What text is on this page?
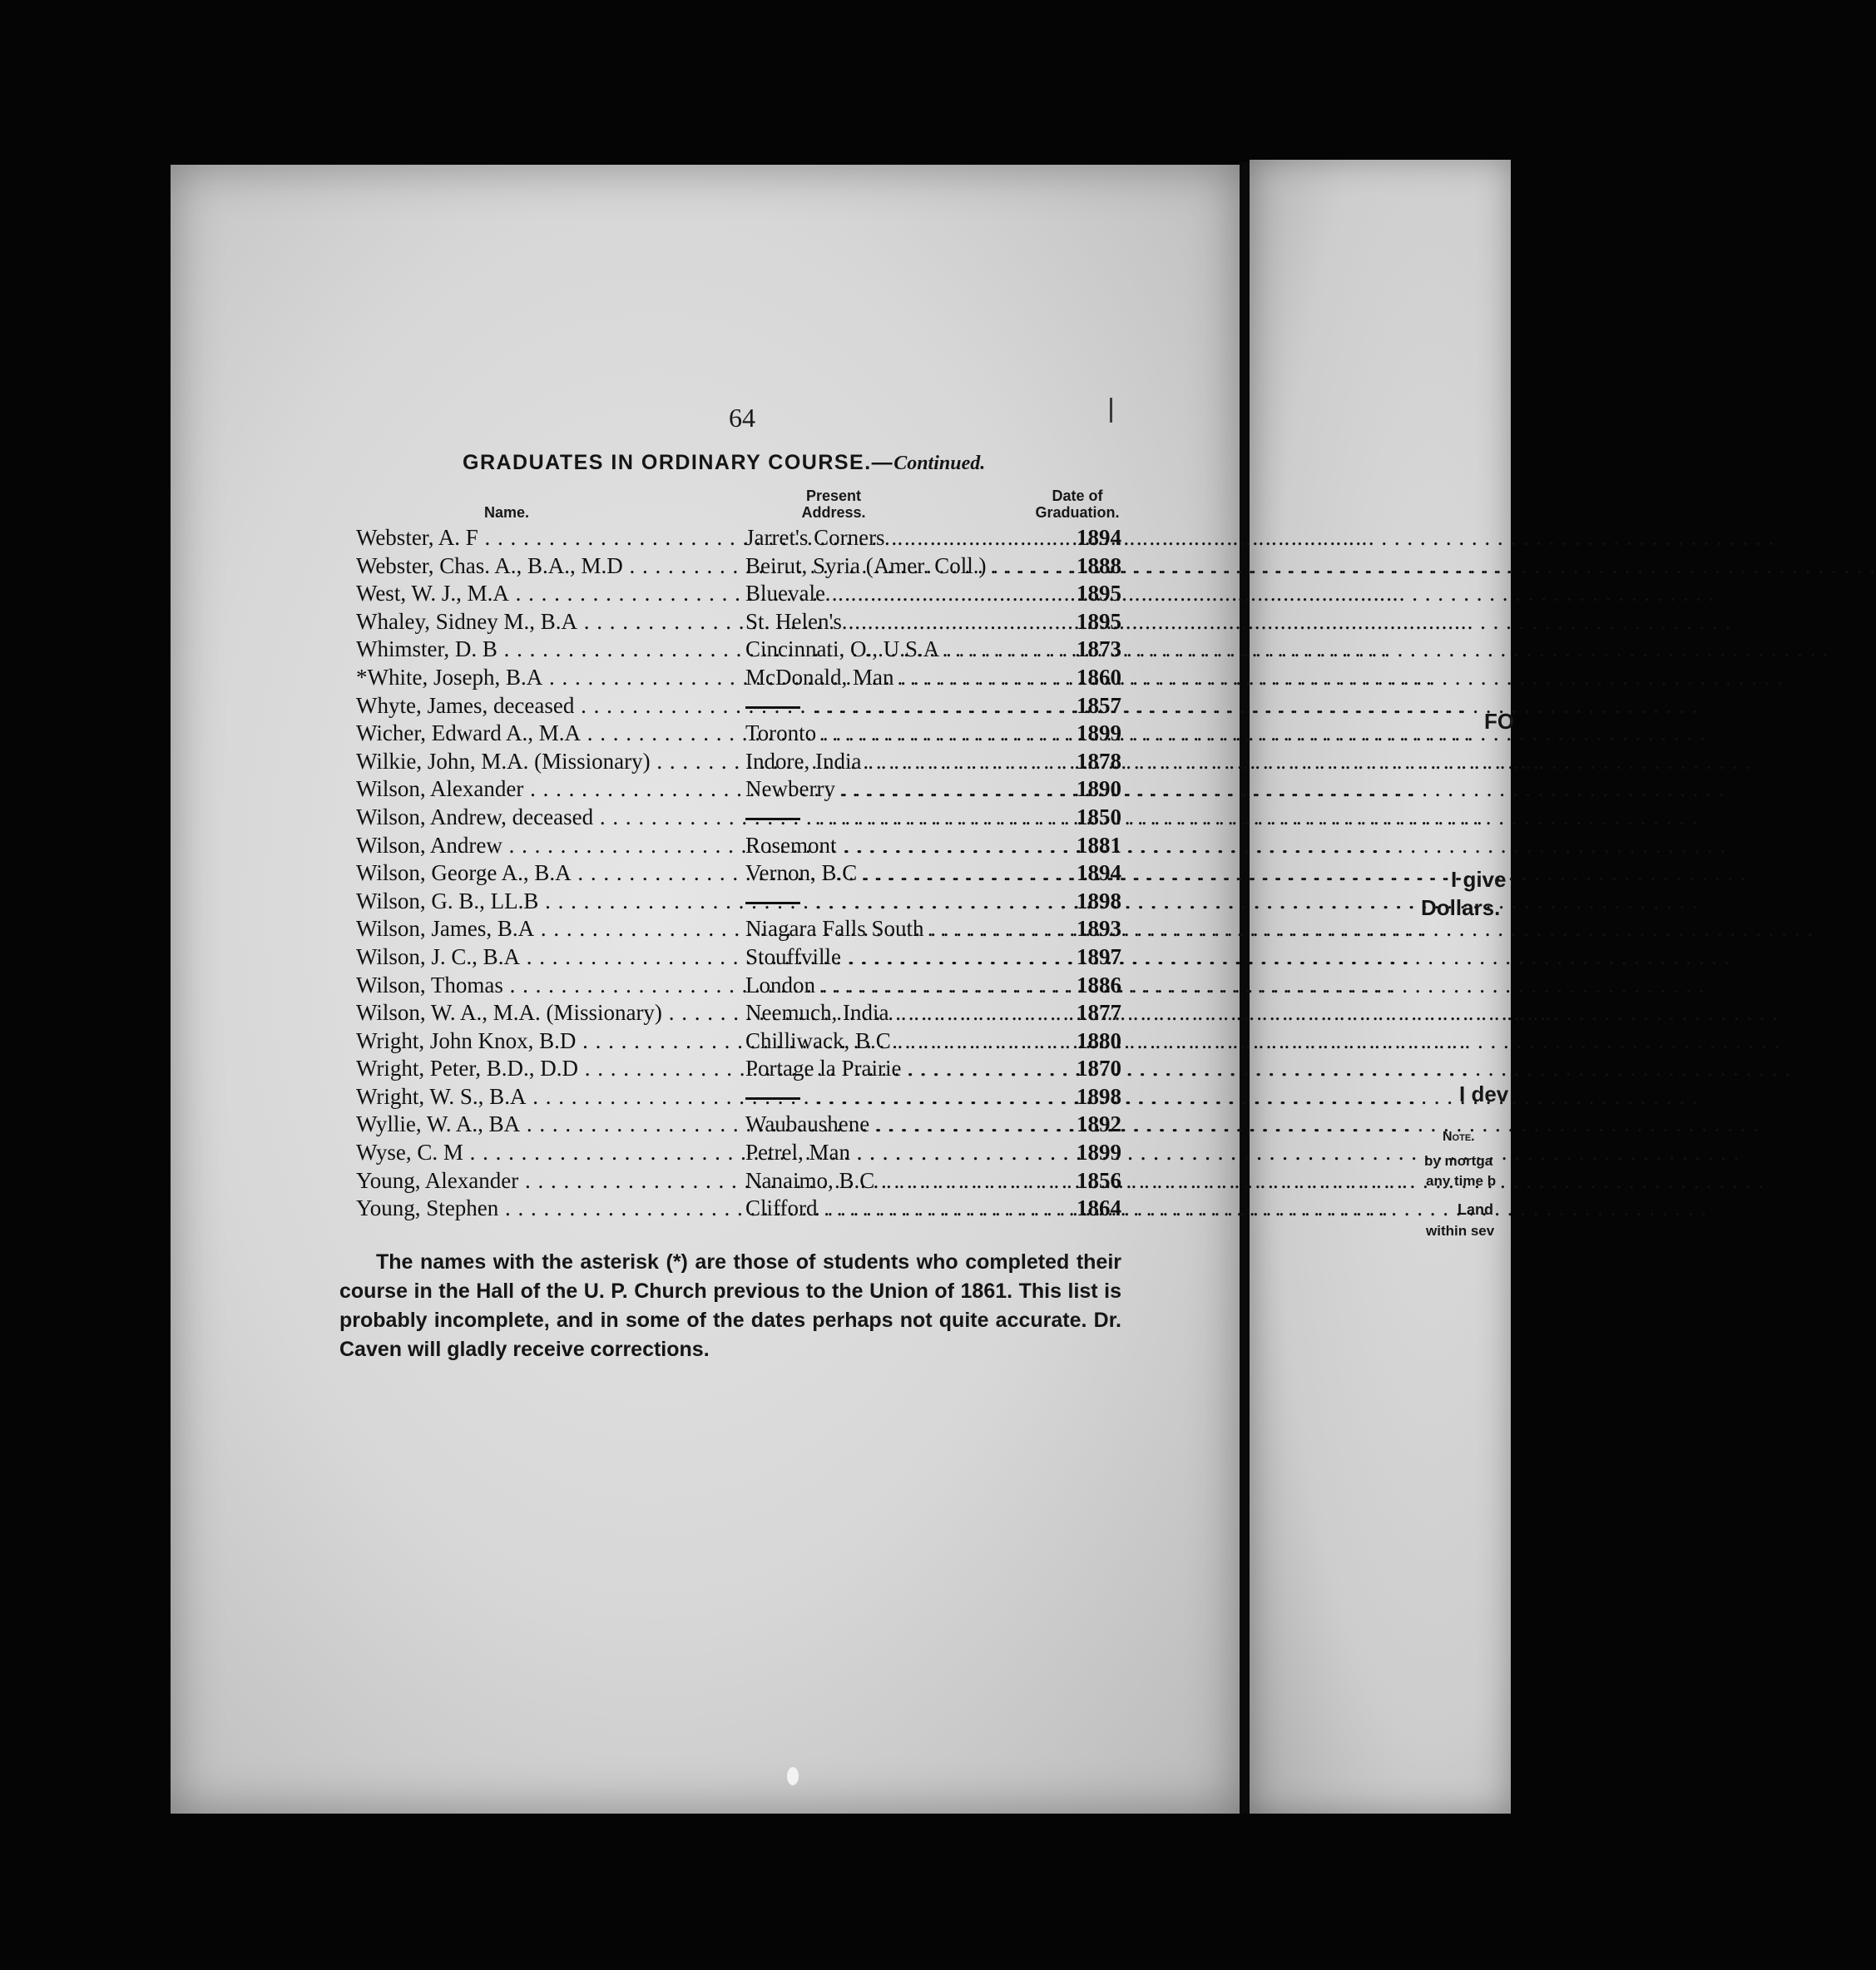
64
GRADUATES IN ORDINARY COURSE.—Continued.
Name.
Present
Address.
Date of
Graduation.
Webster, A. F . . .	Jarret's Corners . . .	1894
Webster, Chas. A., B.A., M.D . . .	Beirut, Syria (Amer. Coll.) . . .	1888
West, W. J., M.A . . .	Bluevale . . .	1895
Whaley, Sidney M., B.A . . .	St. Helen's . . .	1895
Whimster, D. B . . .	Cincinnati, O., U.S.A . . .	1873
*White, Joseph, B.A . . .	McDonald, Man . . .	1860
Whyte, James, deceased . . . . . .	1857
Wicher, Edward A., M.A . . .	Toronto . . .	1899
Wilkie, John, M.A. (Missionary) . . .	Indore, India . . .	1878
Wilson, Alexander . . .	Newberry . . .	1890
Wilson, Andrew, deceased . . . . . .	1850
Wilson, Andrew . . .	Rosemont . . .	1881
Wilson, George A., B.A . . .	Vernon, B.C . . .	1894
Wilson, G. B., LL.B . . . . . .	1898
Wilson, James, B.A . . .	Niagara Falls South . . .	1893
Wilson, J. C., B.A . . .	Stouffville . . .	1897
Wilson, Thomas . . .	London . . .	1886
Wilson, W. A., M.A. (Missionary) . . .	Neemuch, India . . .	1877
Wright, John Knox, B.D . . .	Chilliwack, B.C . . .	1880
Wright, Peter, B.D., D.D . . .	Portage la Prairie . . .	1870
Wright, W. S., B.A . . . . . .	1898
Wyllie, W. A., BA . . .	Waubaushene . . .	1892
Wyse, C. M . . .	Petrel, Man . . .	1899
Young, Alexander . . .	Nanaimo, B.C . . .	1856
Young, Stephen . . .	Clifford . . .	1864
The names with the asterisk (*) are those of students who completed their course in the Hall of the U. P. Church previous to the Union of 1861. This list is probably incomplete, and in some of the dates perhaps not quite accurate. Dr. Caven will gladly receive corrections.
FO
I give
Dollars.
I dev
Note.
by mortga
any time b
Land
within sev
